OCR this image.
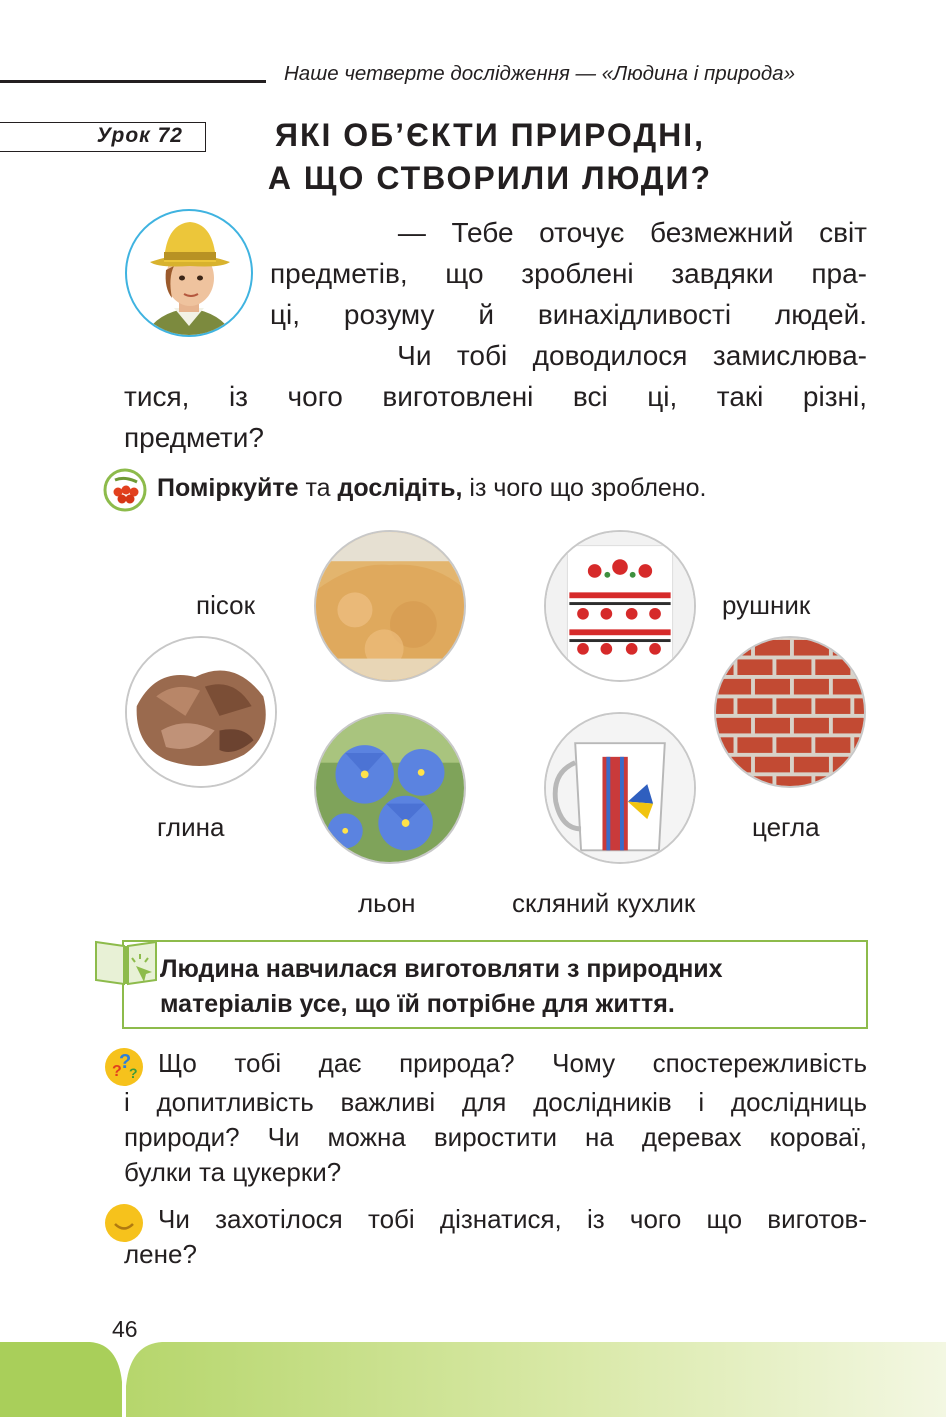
Наше четверте дослідження — «Людина і природа»
Урок 72	ЯКІ ОБ’ЄКТИ ПРИРОДНІ,
А ЩО СТВОРИЛИ ЛЮДИ?
— Тебе оточує безмежний світ
предметів, що зроблені завдяки пра-
ці, розуму й винахідливості людей.
Чи тобі доводилося замислюва-
тися, із чого виготовлені всі ці, такі різні,
предмети?
Поміркуйте та дослідіть, із чого що зроблено.
пісок	рушник
глина	цегла
льон	скляний кухлик
Людина навчилася виготовляти з природних
матеріалів усе, що їй потрібне для життя.
?
?
? Що тобі дає природа? Чому спостережливість
і допитливість важливі для дослідників і дослідниць
природи? Чи можна виростити на деревах короваї,
булки та цукерки?
Чи захотілося тобі дізнатися, із чого що виготов-
лене?
46
